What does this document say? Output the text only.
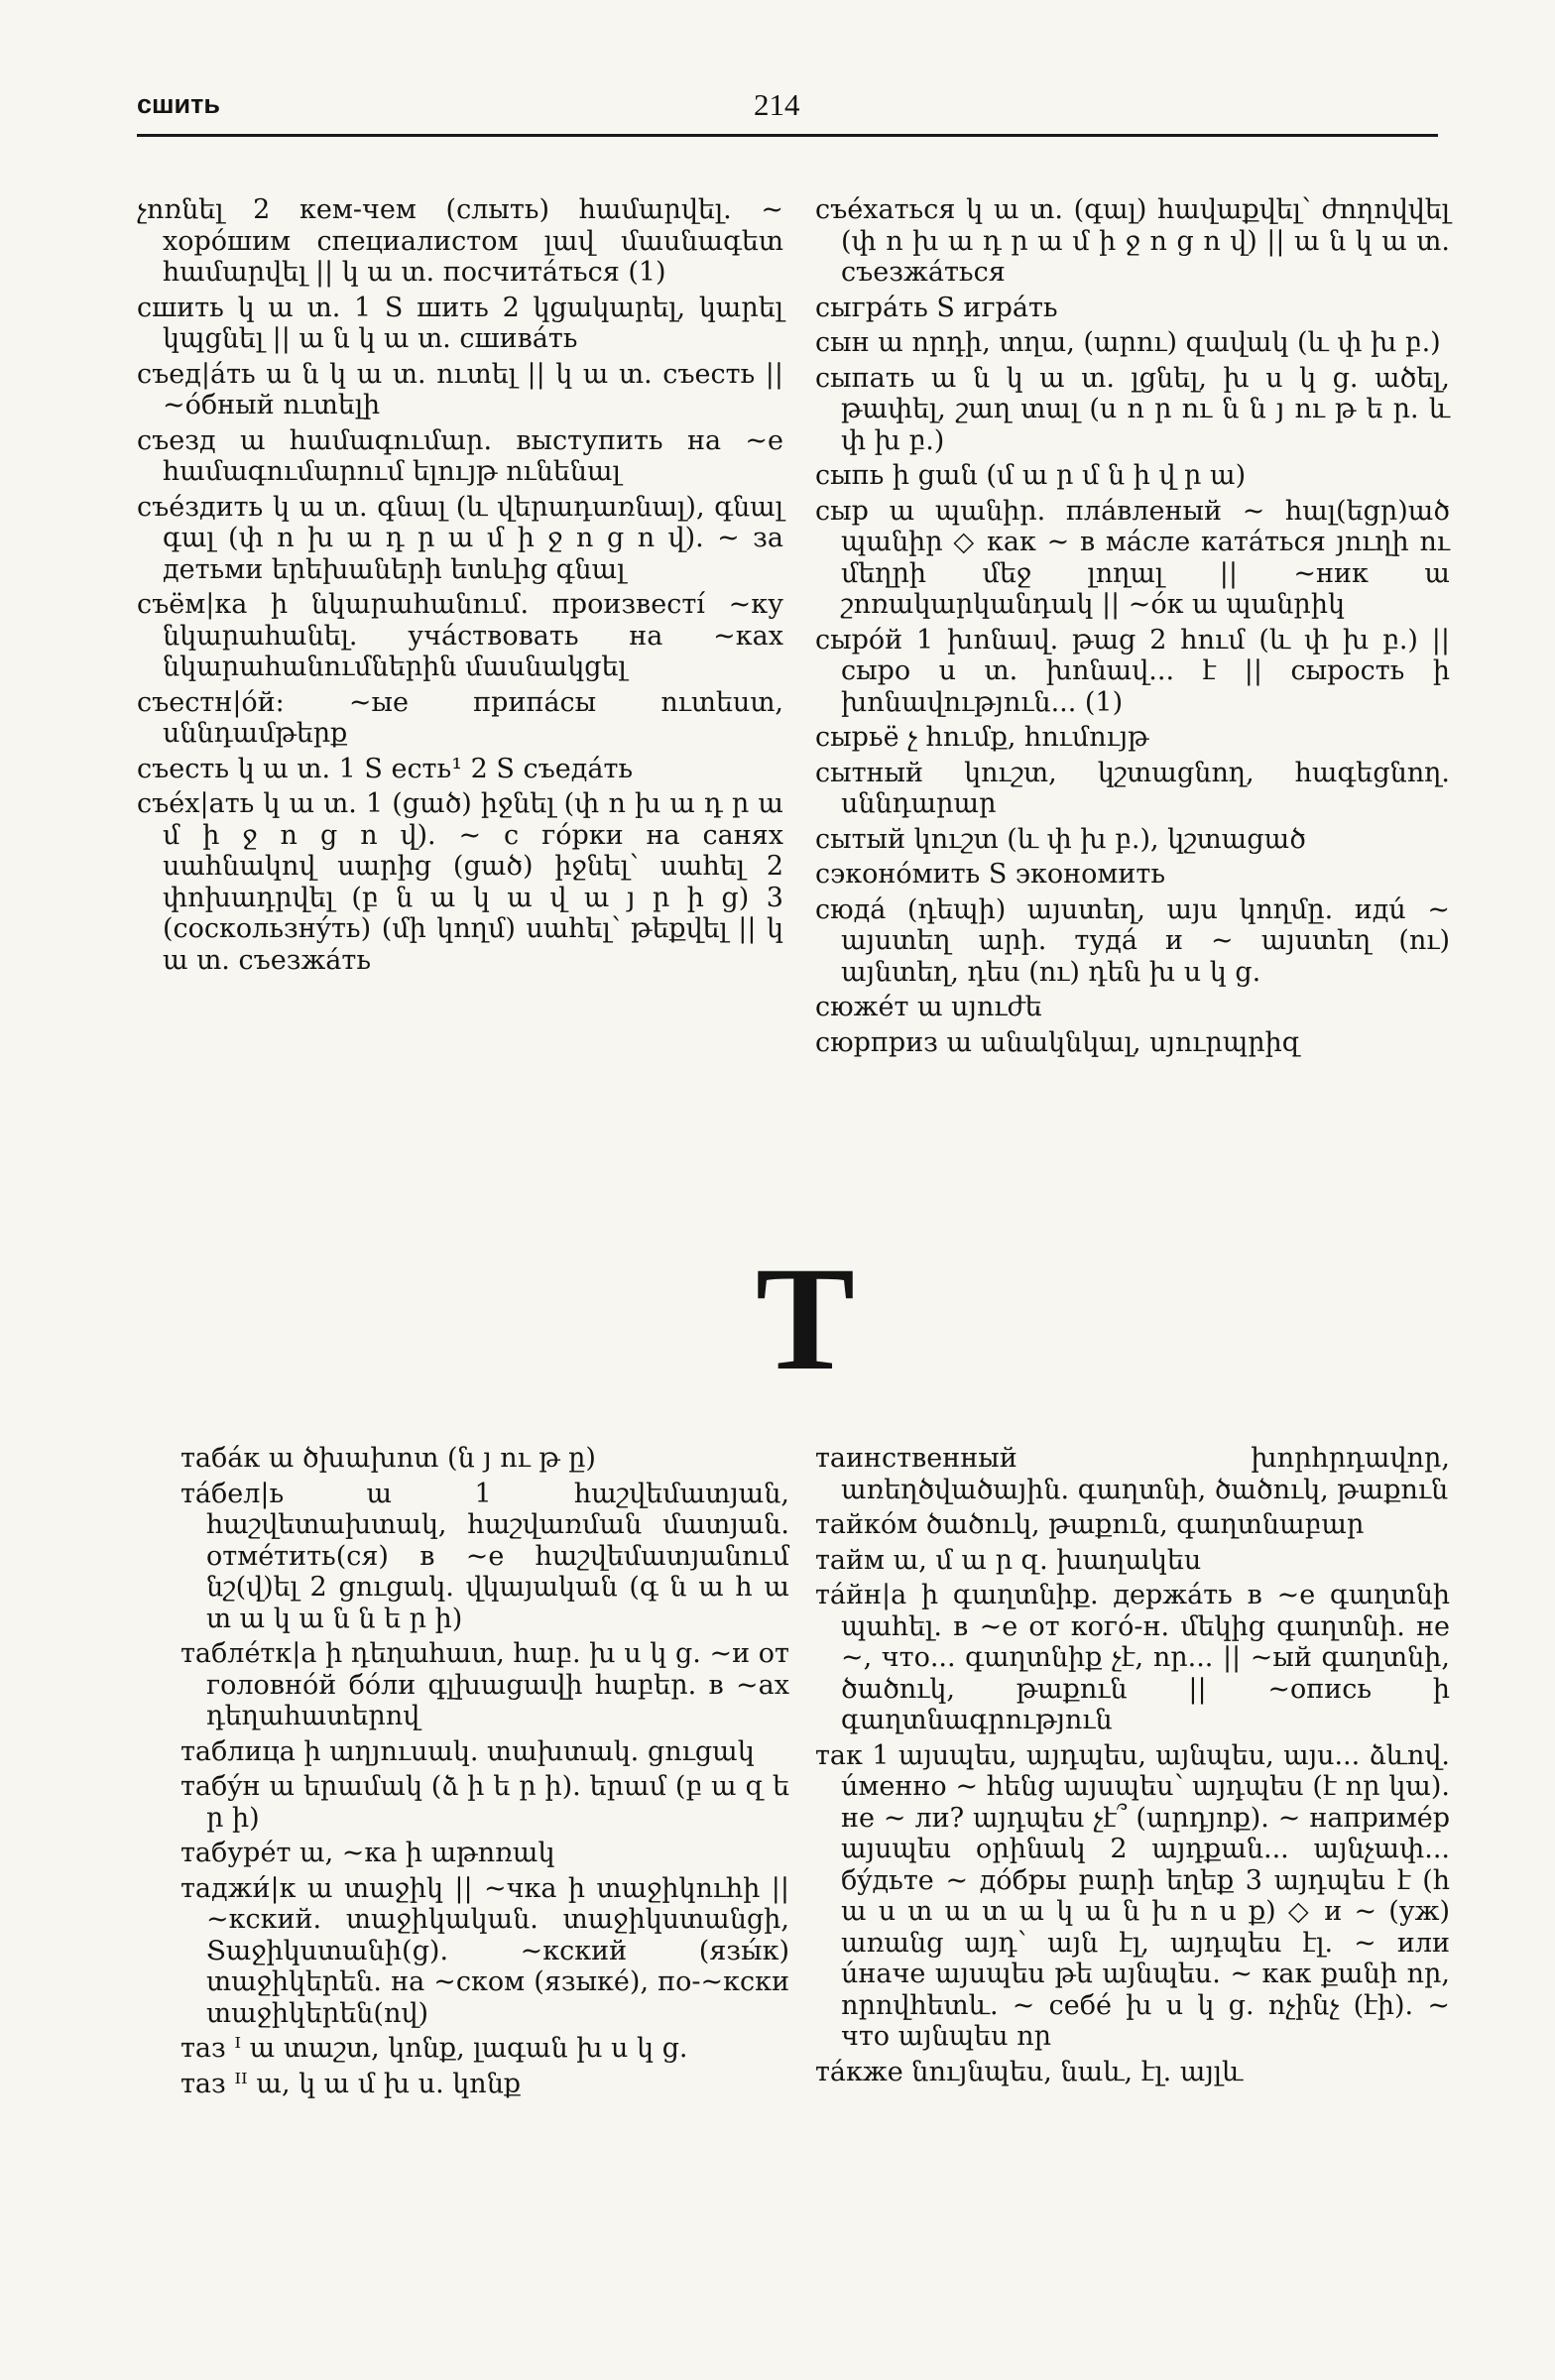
сшить	214

չոռնել 2 кем-чем (слыть) համարվել. ~ хорóшим специалистом լավ մասնագետ համարվել || կ ա տ. посчитáться (1)

сшить կ ա տ. 1 S шить 2 կցակարել, կարել կպցնել || ա ն կ ա տ. сшивáть

съед|áть ա ն կ ա տ. ուտել || կ ա տ. съесть || ~óбный ուտելի

съезд ա համագումար. выступить на ~е համագումարում ելույթ ունենալ

съéздить կ ա տ. գնալ (և վերադառնալ), գնալ գալ (փ ո խ ա դ ր ա մ ի ջ ո ց ո վ). ~ за детьми երեխաների ետևից գնալ

съём|ка ի նկարահանում. произвестí ~ку նկարահանել. учáствовать на ~ках նկարահանումներին մասնակցել

съестн|óй: ~ые припáсы ուտեստ, սննդամթերք

съесть կ ա տ. 1 S есть¹ 2 S съедáть

съéх|ать կ ա տ. 1 (ցած) իջնել (փ ո խ ա դ ր ա մ ի ջ ո ց ո վ). ~ с гóрки на санях սահնակով սարից (ցած) իջնել՝ սահել 2 փոխադրվել (բ ն ա կ ա վ ա յ ր ի ց) 3 (соскользнýть) (մի կողմ) սահել՝ թեքվել || կ ա տ. съезжáть

съéхаться կ ա տ. (գալ) հավաքվել՝ ժողովվել (փ ո խ ա դ ր ա մ ի ջ ո ց ո վ) || ա ն կ ա տ. съезжáться

сыгрáть S игрáть

сын ա որդի, տղա, (արու) զավակ (և փ խ բ.)

сыпать ա ն կ ա տ. լցնել, խ ս կ ց. ածել, թափել, շաղ տալ (ս ո ր ու ն ն յ ու թ ե ր. և փ խ բ.)

сыпь ի ցան (մ ա ր մ ն ի վ ր ա)

сыр ա պանիր. плáвленый ~ հալ(եցր)ած պանիր ◇ как ~ в мáсле катáться յուղի ու մեղրի մեջ լողալ || ~ник ա շոռակարկանդակ || ~óк ա պանրիկ

сырóй 1 խոնավ. թաց 2 հում (և փ խ բ.) || сыро ս տ. խոնավ... է || сырость ի խոնավություն... (1)

сырьё չ հումք, հումույթ

сытный կուշտ, կշտացնող, հագեցնող. սննդարար

сытый կուշտ (և փ խ բ.), կշտացած

сэконóмить S экономить

сюдá (դեպի) այստեղ, այս կողմը. идú ~ այստեղ արի. тудá и ~ այստեղ (ու) այնտեղ, դես (ու) դեն խ ս կ ց.

сюжéт ա սյուժե

сюрприз ա անակնկալ, սյուրպրիզ

Т

табáк ա ծխախոտ (ն յ ու թ ը)

тáбел|ь ա 1 հաշվեմատյան, հաշվետախտակ, հաշվառման մատյան. отмéтить(ся) в ~е հաշվեմատյանում նշ(վ)ել 2 ցուցակ. վկայական (գ ն ա հ ա տ ա կ ա ն ն ե ր ի)

таблéтк|а ի դեղահատ, հաբ. խ ս կ ց. ~и от головнóй бóли գլխացավի հաբեր. в ~ах դեղահատերով

таблица ի աղյուսակ. տախտակ. ցուցակ

табýн ա երամակ (ձ ի ե ր ի). երամ (բ ա զ ե ր ի)

табурéт ա, ~ка ի աթոռակ

таджи́|к ա տաջիկ || ~чка ի տաջիկուհի || ~кский. տաջիկական. տաջիկստանցի, Տաջիկստանի(ց). ~кский (язы́к) տաջիկերեն. на ~ском (языкé), по-~кски տաջիկերեն(ով)

таз ᴵ ա տաշտ, կոնք, լագան խ ս կ ց.

таз ᴵᴵ ա, կ ա մ խ ս. կոնք

таинственный խորհրդավոր, առեղծվածային. գաղտնի, ծածուկ, թաքուն

тайкóм ծածուկ, թաքուն, գաղտնաբար

тайм ա, մ ա ր զ. խաղակես

тáйн|а ի գաղտնիք. держáть в ~е գաղտնի պահել. в ~е от когó-н. մեկից գաղտնի. не ~, что... գաղտնիք չէ, որ... || ~ый գաղտնի, ծածուկ, թաքուն || ~опись ի գաղտնագրություն

так 1 այսպես, այդպես, այնպես, այս... ձևով. úменно ~ հենց այսպես՝ այդպես (է որ կա). не ~ ли? այդպես չէ՞ (արդյոք). ~ напримéр այսպես օրինակ 2 այդքան... այնչափ... бýдьте ~ дóбры բարի եղեք 3 այդպես է (հ ա ս տ ա տ ա կ ա ն խ ո ս ք) ◇ и ~ (уж) առանց այդ՝ այն էլ, այդպես էլ. ~ или úначе այսպես թե այնպես. ~ как քանի որ, որովհետև. ~ себé խ ս կ ց. ոչինչ (էի). ~ что այնպես որ

тáкже նույնպես, նաև, էլ. այլև
